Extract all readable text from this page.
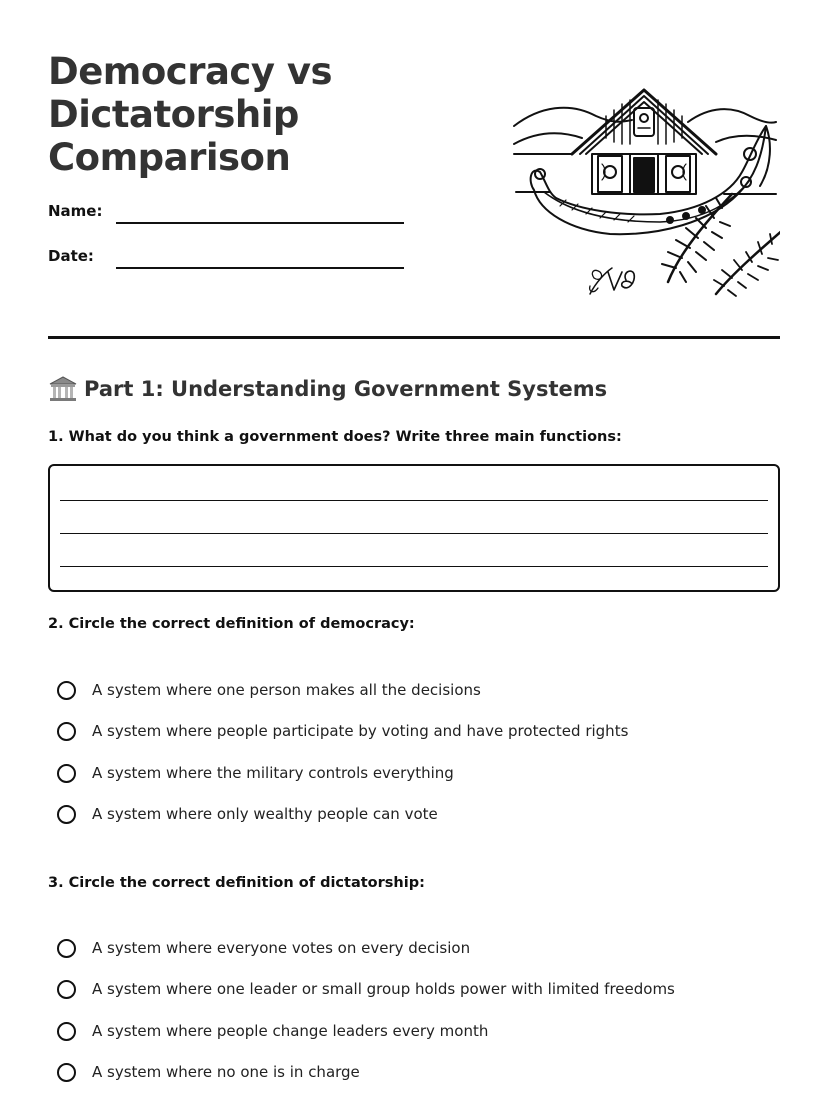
Democracy vs
Dictatorship
Comparison
Name:
Date:
Part 1: Understanding Government Systems
1. What do you think a government does? Write three main functions:
2. Circle the correct definition of democracy:
A system where one person makes all the decisions
A system where people participate by voting and have protected rights
A system where the military controls everything
A system where only wealthy people can vote
3. Circle the correct definition of dictatorship:
A system where everyone votes on every decision
A system where one leader or small group holds power with limited freedoms
A system where people change leaders every month
A system where no one is in charge
